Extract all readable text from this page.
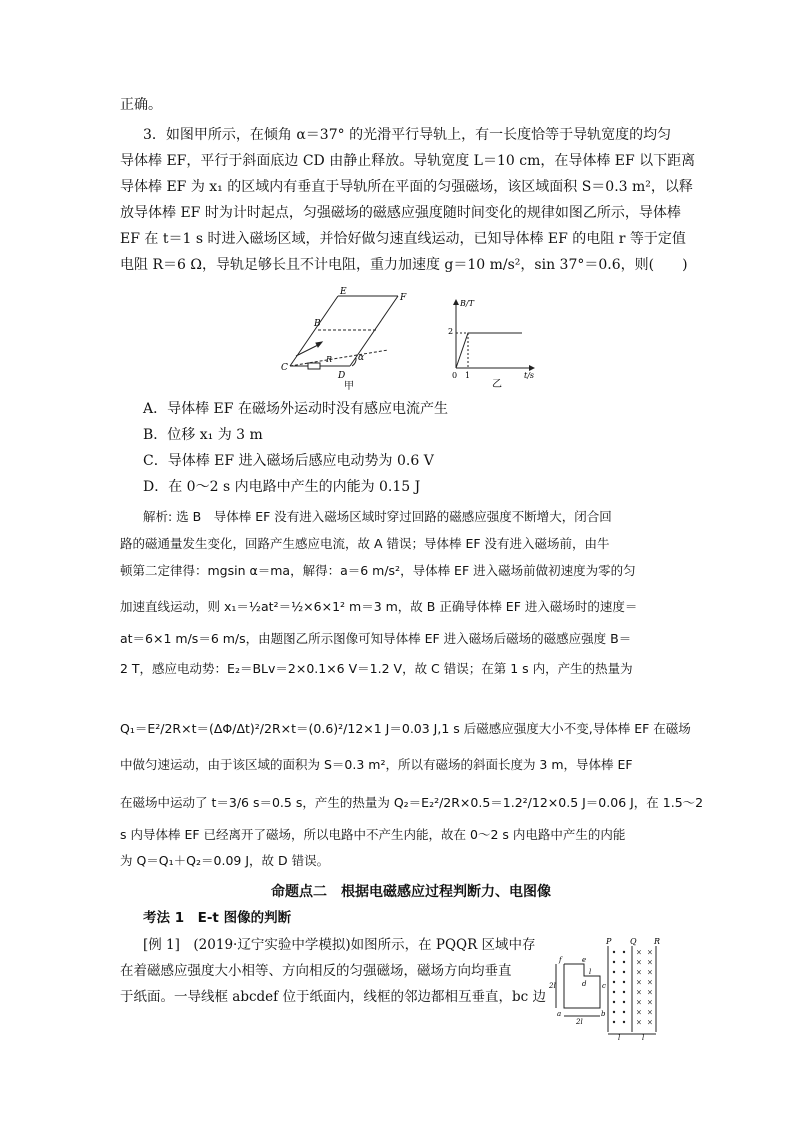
正确。
3．如图甲所示，在倾角 α＝37° 的光滑平行导轨上，有一长度恰等于导轨宽度的均匀
导体棒 EF，平行于斜面底边 CD 由静止释放。导轨宽度 L＝10 cm，在导体棒 EF 以下距离
导体棒 EF 为 x₁ 的区域内有垂直于导轨所在平面的匀强磁场，该区域面积 S＝0.3 m²，以释
放导体棒 EF 时为计时起点，匀强磁场的磁感应强度随时间变化的规律如图乙所示，导体棒
EF 在 t＝1 s 时进入磁场区域，并恰好做匀速直线运动，已知导体棒 EF 的电阻 r 等于定值
电阻 R＝6 Ω，导轨足够长且不计电阻，重力加速度 g＝10 m/s²，sin 37°＝0.6，则(　　)
E
F
B
C
R
D
α
甲
B/T
t/s
2
0 1
乙
A．导体棒 EF 在磁场外运动时没有感应电流产生
B．位移 x₁ 为 3 m
C．导体棒 EF 进入磁场后感应电动势为 0.6 V
D．在 0～2 s 内电路中产生的内能为 0.15 J
解析: 选 B　导体棒 EF 没有进入磁场区域时穿过回路的磁感应强度不断增大，闭合回
路的磁通量发生变化，回路产生感应电流，故 A 错误；导体棒 EF 没有进入磁场前，由牛
顿第二定律得：mgsin α＝ma，解得：a＝6 m/s²，导体棒 EF 进入磁场前做初速度为零的匀
加速直线运动，则 x₁＝½at²＝½×6×1² m＝3 m，故 B 正确导体棒 EF 进入磁场时的速度＝
at＝6×1 m/s＝6 m/s，由题图乙所示图像可知导体棒 EF 进入磁场后磁场的磁感应强度 B＝
2 T，感应电动势：E₂＝BLv＝2×0.1×6 V＝1.2 V，故 C 错误；在第 1 s 内，产生的热量为
Q₁＝E²/2R×t＝(ΔΦ/Δt)²/2R×t＝(0.6)²/12×1 J＝0.03 J,1 s 后磁感应强度大小不变,导体棒 EF 在磁场
中做匀速运动，由于该区域的面积为 S＝0.3 m²，所以有磁场的斜面长度为 3 m，导体棒 EF
在磁场中运动了 t＝3/6 s＝0.5 s，产生的热量为 Q₂＝E₂²/2R×0.5＝1.2²/12×0.5 J＝0.06 J，在 1.5～2
s 内导体棒 EF 已经离开了磁场，所以电路中不产生内能，故在 0～2 s 内电路中产生的内能
为 Q＝Q₁＋Q₂＝0.09 J，故 D 错误。
命题点二　根据电磁感应过程判断力、电图像
考法 1　E-t 图像的判断
[例 1]　(2019·辽宁实验中学模拟)如图所示，在 PQQR 区域中存
在着磁感应强度大小相等、方向相反的匀强磁场，磁场方向均垂直
于纸面。一导线框 abcdef 位于纸面内，线框的邻边都相互垂直，bc 边
× ×
× ×
× ×
× ×
× ×
× ×
× ×
× ×
P Q R
f	e
d c
b
a
l
2l
2l
l	l
